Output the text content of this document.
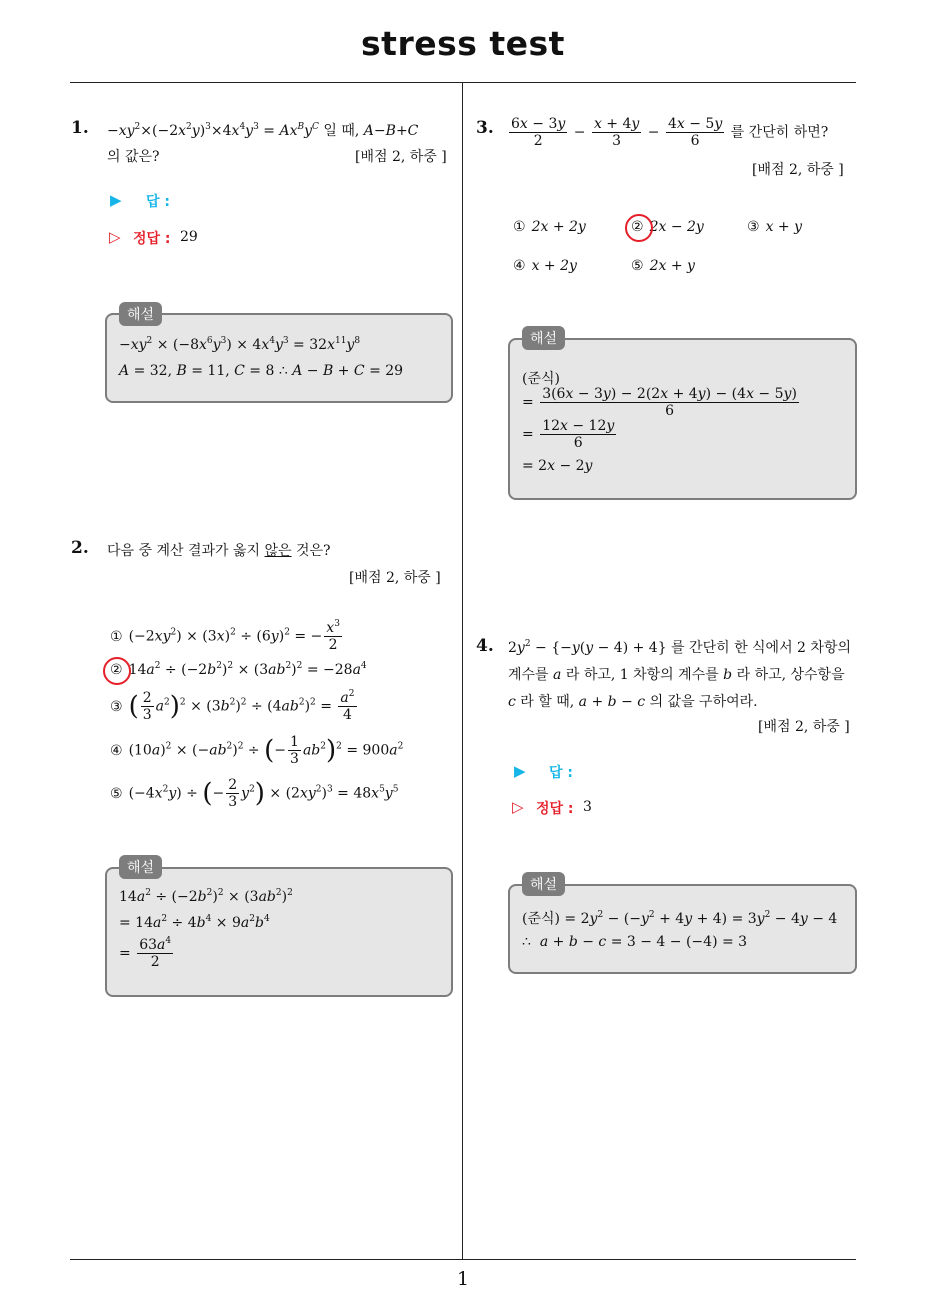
stress test
1
1. $-xy^2\times(-2x^2y)^3\times 4x^4y^3 = Ax^By^C$ 일 때, A−B+C
의 값은?	[배점 2, 하중 ]
▶ 답 :
▷ 정답 : 29
$-xy^2 \times (-8x^6y^3) \times 4x^4y^3 = 32x^{11}y^8$
A = 32, B = 11, C = 8 ∴ A − B + C = 29
해설
2. 다음 중 계산 결과가 옳지 않은 것은?
[배점 2, 하중 ]
① $(-2xy^2) \times (3x)^2 \div (6y)^2$ = − $\frac{x^3}{2}$
② $14a^2 \div (-2b^2)^2 \times (3ab^2)^2 = -28a^4$
③ ( $\frac{2}{3} a^2)^2 \times (3b^2)^2 \div (4ab^2)^2 = \frac{a^2}{4}$
④ $(10a)^2 \times (-ab^2)^2$ ÷ (− $\frac{1}{3} ab^2)^2 = 900a^2$
⑤ $(-4x^2y)$ ÷ (− $\frac{2}{3} y^2) \times (2xy^2)^3 = 48x^5y^5$
$14a^2 \div (-2b^2)^2 \times (3ab^2)^2$
= $14a^2 \div 4b^4 \times 9a^2b^4$
= $\frac{63a^4}{2}$
해설
3. $\frac{6x - 3y}{2} - \frac{x + 4y}{3} - \frac{4x - 5y}{6}$ 를 간단히 하면?
[배점 2, 하중 ]
① 2x + 2y	② 2x − 2y	③ x + y
④ x + 2y	⑤ 2x + y
(준식)
= $\frac{3(6x - 3y) - 2(2x + 4y) - (4x - 5y)}{6}$
= $\frac{12x - 12y}{6}$
= 2x − 2y
해설
4. $2y^2 - \{-y(y - 4) + 4\}$ 를 간단히 한 식에서 2 차항의
계수를 a 라 하고, 1 차항의 계수를 b 라 하고, 상수항을
c 라 할 때, a + b − c 의 값을 구하여라.
[배점 2, 하중 ]
▶ 답 :
▷ 정답 : 3
(준식) = $2y^2 - (-y^2 + 4y + 4) = 3y^2 - 4y - 4$
∴  a + b − c = 3 − 4 − (−4) = 3
해설
